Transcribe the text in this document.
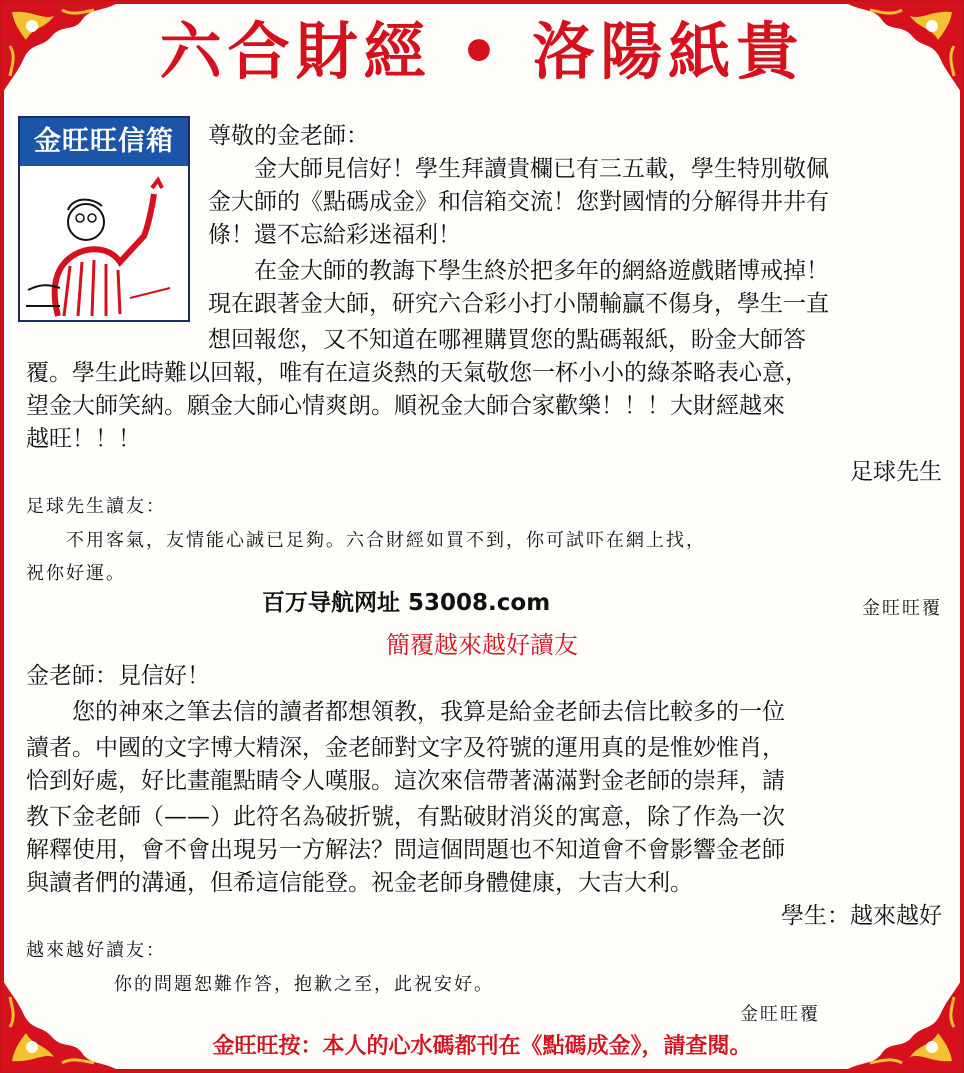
六合財經 • 洛陽紙貴
金旺旺信箱	尊敬的金老師：
　　金大師見信好！學生拜讀貴欄已有三五載，學生特別敬佩
金大師的《點碼成金》和信箱交流！您對國情的分解得井井有
條！還不忘給彩迷福利！
　　在金大師的教誨下學生終於把多年的網絡遊戲賭博戒掉！
現在跟著金大師，研究六合彩小打小鬧輸贏不傷身，學生一直
想回報您，又不知道在哪裡購買您的點碼報紙，盼金大師答
覆。學生此時難以回報，唯有在這炎熱的天氣敬您一杯小小的綠茶略表心意，
望金大師笑納。願金大師心情爽朗。順祝金大師合家歡樂！！！大財經越來
越旺！！！
足球先生
足球先生讀友：
　　不用客氣，友情能心誠已足夠。六合財經如買不到，你可試吓在網上找，
祝你好運。
百万导航网址 53008.com	金旺旺覆
簡覆越來越好讀友
金老師：見信好！
　　您的神來之筆去信的讀者都想領教，我算是給金老師去信比較多的一位
讀者。中國的文字博大精深，金老師對文字及符號的運用真的是惟妙惟肖，
恰到好處，好比畫龍點睛令人嘆服。這次來信帶著滿滿對金老師的崇拜，請
教下金老師（——）此符名為破折號，有點破財消災的寓意，除了作為一次
解釋使用，會不會出現另一方解法？問這個問題也不知道會不會影響金老師
與讀者們的溝通，但希這信能登。祝金老師身體健康，大吉大利。
學生：越來越好
越來越好讀友：
　　你的問題恕難作答，抱歉之至，此祝安好。
金旺旺覆
金旺旺按：本人的心水碼都刊在《點碼成金》，請查閱。
